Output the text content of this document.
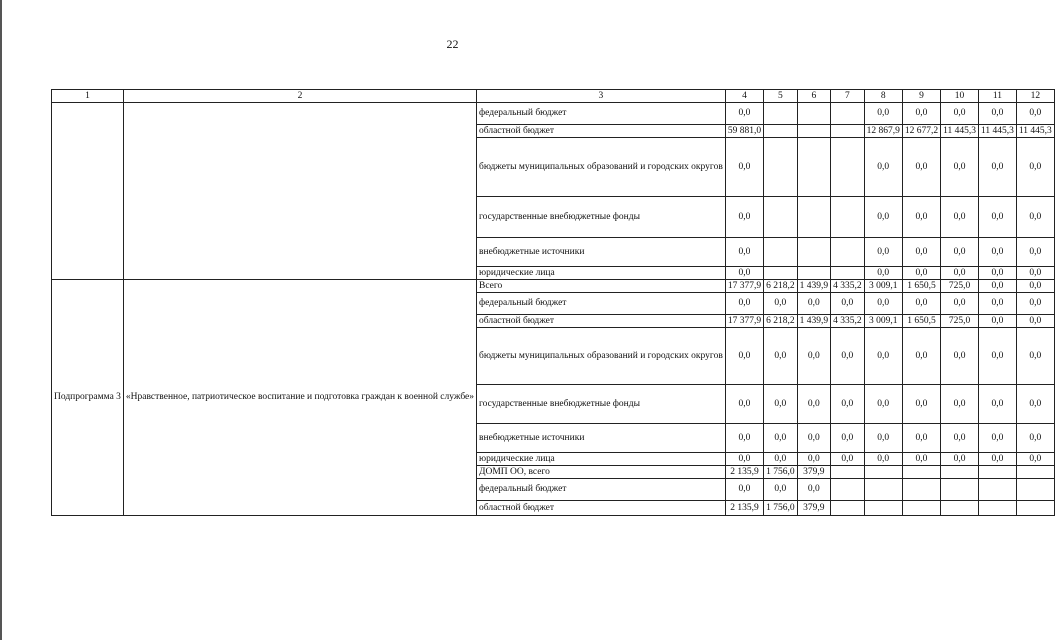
22
1	2	3	4	5	6	7	8	9	10	11	12
		федеральный бюджет	0,0				0,0	0,0	0,0	0,0	0,0
		областной бюджет	59 881,0				12 867,9	12 677,2	11 445,3	11 445,3	11 445,3
		бюджеты муниципальных образований и городских округов	0,0				0,0	0,0	0,0	0,0	0,0
		государственные внебюджетные фонды	0,0				0,0	0,0	0,0	0,0	0,0
		внебюджетные источники	0,0				0,0	0,0	0,0	0,0	0,0
		юридические лица	0,0				0,0	0,0	0,0	0,0	0,0
Подпрограмма 3	«Нравственное, патриотическое воспитание и подготовка граждан к военной службе»	Всего	17 377,9	6 218,2	1 439,9	4 335,2	3 009,1	1 650,5	725,0	0,0	0,0
		федеральный бюджет	0,0	0,0	0,0	0,0	0,0	0,0	0,0	0,0	0,0
		областной бюджет	17 377,9	6 218,2	1 439,9	4 335,2	3 009,1	1 650,5	725,0	0,0	0,0
		бюджеты муниципальных образований и городских округов	0,0	0,0	0,0	0,0	0,0	0,0	0,0	0,0	0,0
		государственные внебюджетные фонды	0,0	0,0	0,0	0,0	0,0	0,0	0,0	0,0	0,0
		внебюджетные источники	0,0	0,0	0,0	0,0	0,0	0,0	0,0	0,0	0,0
		юридические лица	0,0	0,0	0,0	0,0	0,0	0,0	0,0	0,0	0,0
		ДОМП ОО, всего	2 135,9	1 756,0	379,9						
		федеральный бюджет	0,0	0,0	0,0						
		областной бюджет	2 135,9	1 756,0	379,9						
